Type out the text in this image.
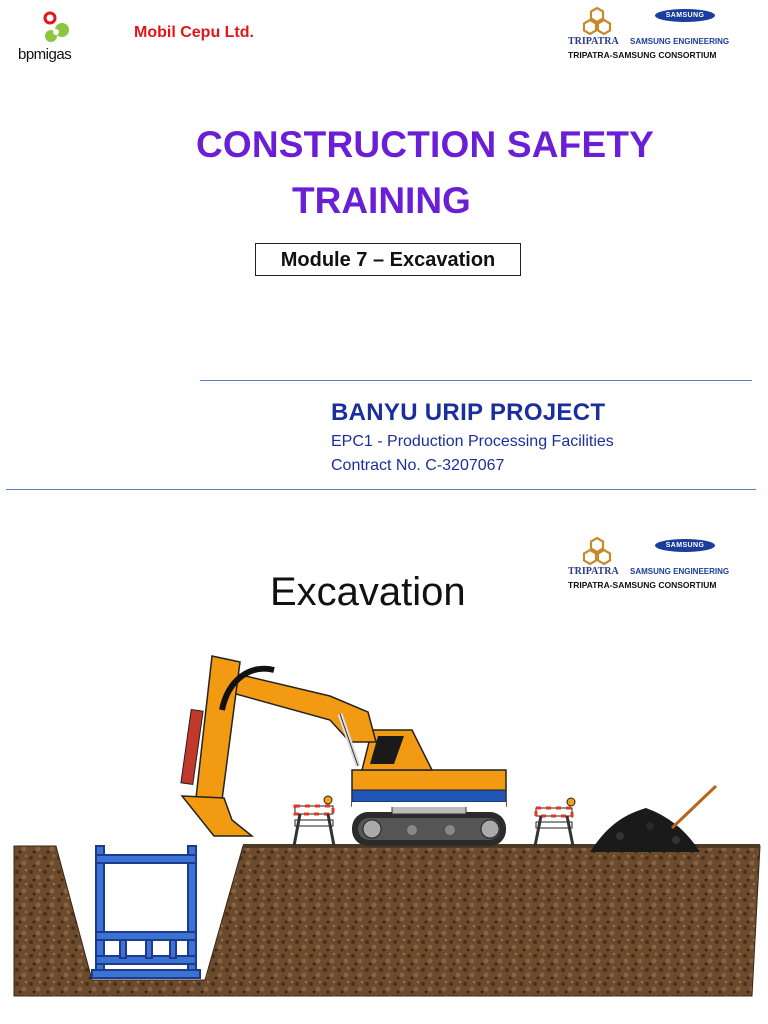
bpmigas
Mobil Cepu Ltd.
TRIPATRA
SAMSUNG
SAMSUNG ENGINEERING
TRIPATRA-SAMSUNG CONSORTIUM
CONSTRUCTION SAFETY
TRAINING
Module 7 – Excavation
BANYU URIP PROJECT
EPC1 - Production Processing Facilities
Contract No. C-3207067
TRIPATRA
SAMSUNG
SAMSUNG ENGINEERING
TRIPATRA-SAMSUNG CONSORTIUM
Excavation
